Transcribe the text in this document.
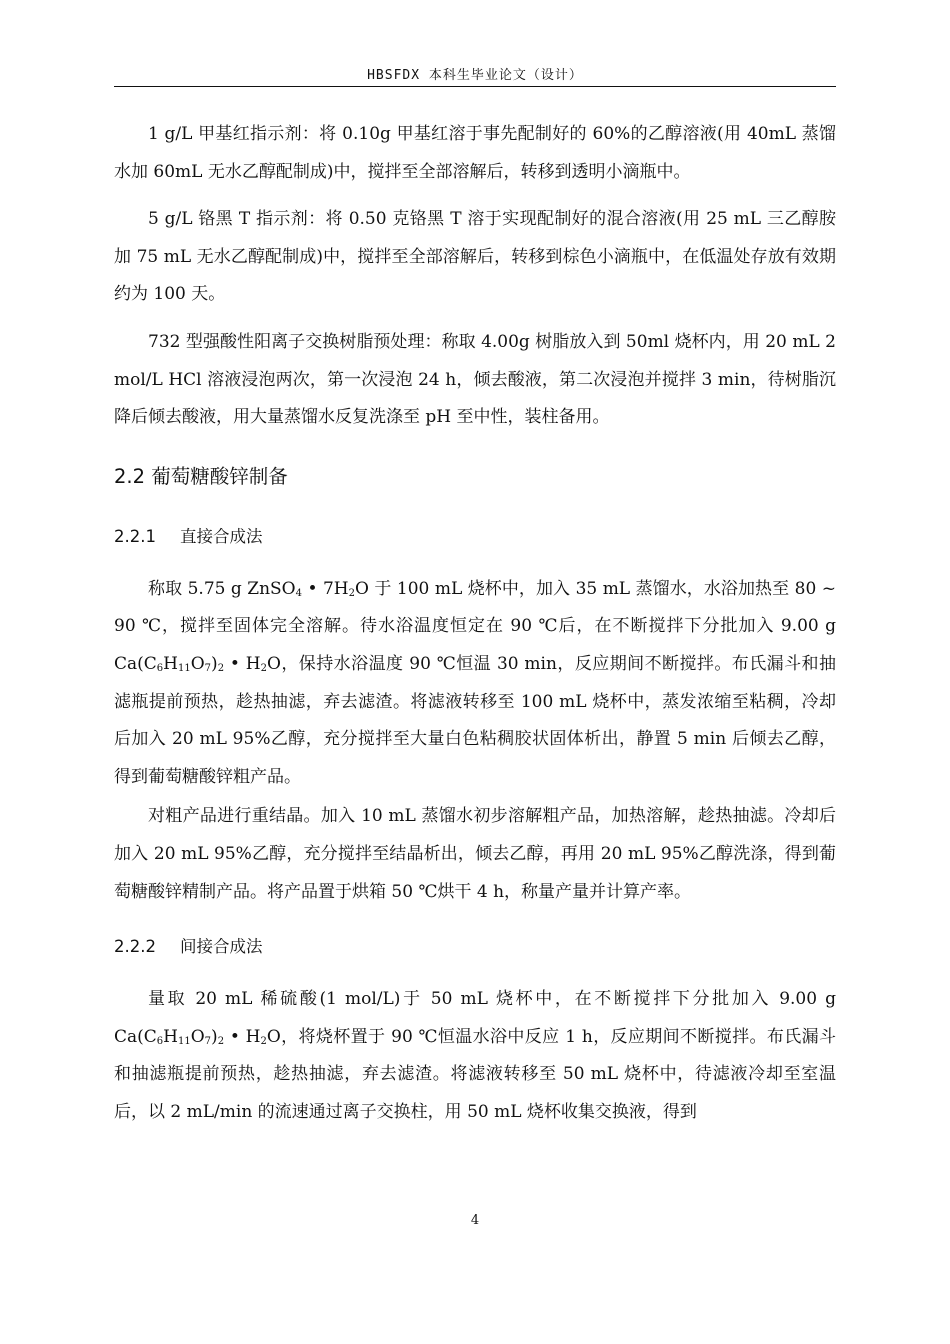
HBSFDX 本科生毕业论文（设计）

1 g/L 甲基红指示剂：将 0.10g 甲基红溶于事先配制好的 60%的乙醇溶液(用 40mL 蒸馏水加 60mL 无水乙醇配制成)中，搅拌至全部溶解后，转移到透明小滴瓶中。

5 g/L 铬黑 T 指示剂：将 0.50 克铬黑 T 溶于实现配制好的混合溶液(用 25 mL 三乙醇胺加 75 mL 无水乙醇配制成)中，搅拌至全部溶解后，转移到棕色小滴瓶中，在低温处存放有效期约为 100 天。

732 型强酸性阳离子交换树脂预处理：称取 4.00g 树脂放入到 50ml 烧杯内，用 20 mL 2 mol/L HCl 溶液浸泡两次，第一次浸泡 24 h，倾去酸液，第二次浸泡并搅拌 3 min，待树脂沉降后倾去酸液，用大量蒸馏水反复洗涤至 pH 至中性，装柱备用。

2.2 葡萄糖酸锌制备
2.2.1 直接合成法

称取 5.75 g ZnSO$_4$ • $7H_2O$ 于 100 mL 烧杯中，加入 35 mL 蒸馏水，水浴加热至 80 ~ 90 ℃，搅拌至固体完全溶解。待水浴温度恒定在 90 ℃后，在不断搅拌下分批加入 9.00 g $Ca(C_6H_{11}O_7)_2$ • $H_2O$，保持水浴温度 90 ℃恒温 30 min，反应期间不断搅拌。布氏漏斗和抽滤瓶提前预热，趁热抽滤，弃去滤渣。将滤液转移至 100 mL 烧杯中，蒸发浓缩至粘稠，冷却后加入 20 mL 95%乙醇，充分搅拌至大量白色粘稠胶状固体析出，静置 5 min 后倾去乙醇，得到葡萄糖酸锌粗产品。

对粗产品进行重结晶。加入 10 mL 蒸馏水初步溶解粗产品，加热溶解，趁热抽滤。冷却后加入 20 mL 95%乙醇，充分搅拌至结晶析出，倾去乙醇，再用 20 mL 95%乙醇洗涤，得到葡萄糖酸锌精制产品。将产品置于烘箱 50 ℃烘干 4 h，称量产量并计算产率。

2.2.2 间接合成法

量取 20 mL 稀硫酸(1 mol/L)于 50 mL 烧杯中，在不断搅拌下分批加入 9.00 g $Ca(C_6H_{11}O_7)_2$ • $H_2O$，将烧杯置于 90 ℃恒温水浴中反应 1 h，反应期间不断搅拌。布氏漏斗和抽滤瓶提前预热，趁热抽滤，弃去滤渣。将滤液转移至 50 mL 烧杯中，待滤液冷却至室温后，以 2 mL/min 的流速通过离子交换柱，用 50 mL 烧杯收集交换液，得到

4
